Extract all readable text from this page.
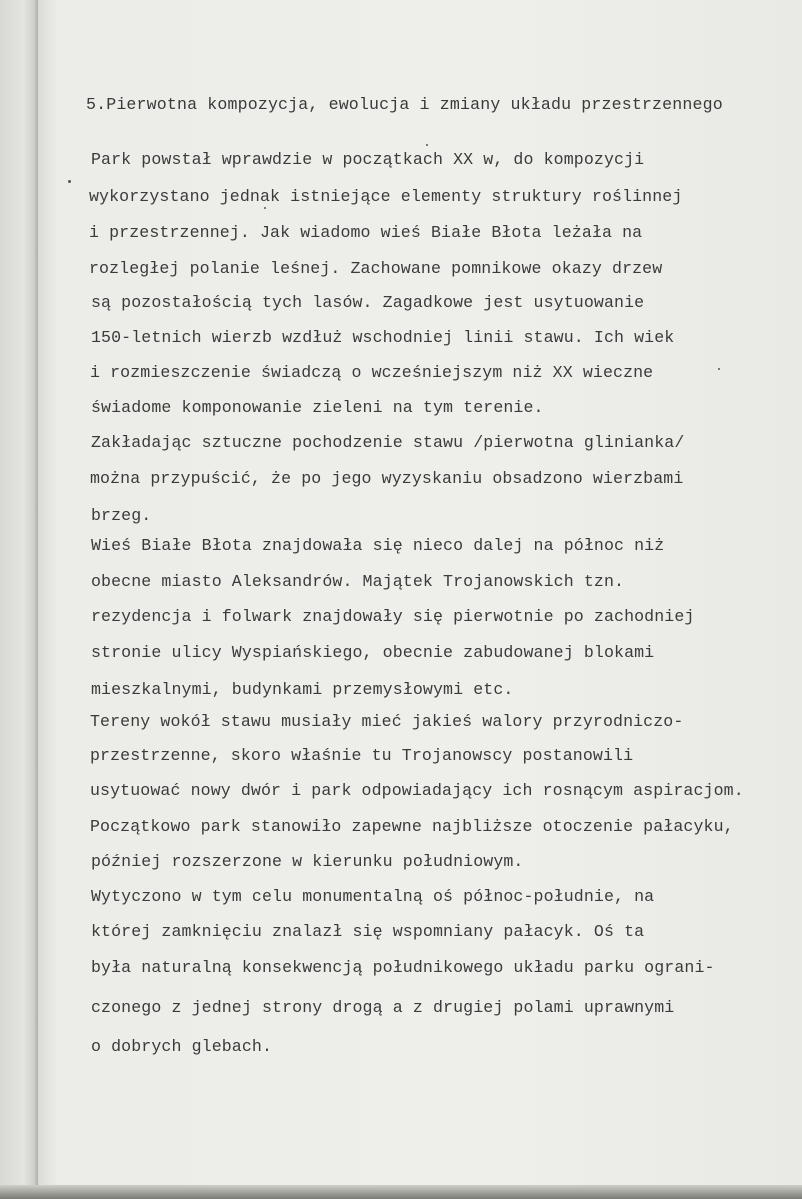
5.Pierwotna kompozycja, ewolucja i zmiany układu przestrzennego
Park powstał wprawdzie w początkach XX w, do kompozycji
wykorzystano jednak istniejące elementy struktury roślinnej
i przestrzennej. Jak wiadomo wieś Białe Błota leżała na
rozległej polanie leśnej. Zachowane pomnikowe okazy drzew
są pozostałością tych lasów. Zagadkowe jest usytuowanie
150-letnich wierzb wzdłuż wschodniej linii stawu. Ich wiek
i rozmieszczenie świadczą o wcześniejszym niż XX wieczne
świadome komponowanie zieleni na tym terenie.
Zakładając sztuczne pochodzenie stawu /pierwotna glinianka/
można przypuścić, że po jego wyzyskaniu obsadzono wierzbami
brzeg.
Wieś Białe Błota znajdowała się nieco dalej na północ niż
obecne miasto Aleksandrów. Majątek Trojanowskich tzn.
rezydencja i folwark znajdowały się pierwotnie po zachodniej
stronie ulicy Wyspiańskiego, obecnie zabudowanej blokami
mieszkalnymi, budynkami przemysłowymi etc.
Tereny wokół stawu musiały mieć jakieś walory przyrodniczo-
przestrzenne, skoro właśnie tu Trojanowscy postanowili
usytuować nowy dwór i park odpowiadający ich rosnącym aspiracjom.
Początkowo park stanowiło zapewne najbliższe otoczenie pałacyku,
później rozszerzone w kierunku południowym.
Wytyczono w tym celu monumentalną oś północ-południe, na
której zamknięciu znalazł się wspomniany pałacyk. Oś ta
była naturalną konsekwencją południkowego układu parku ograni-
czonego z jednej strony drogą a z drugiej polami uprawnymi
o dobrych glebach.
